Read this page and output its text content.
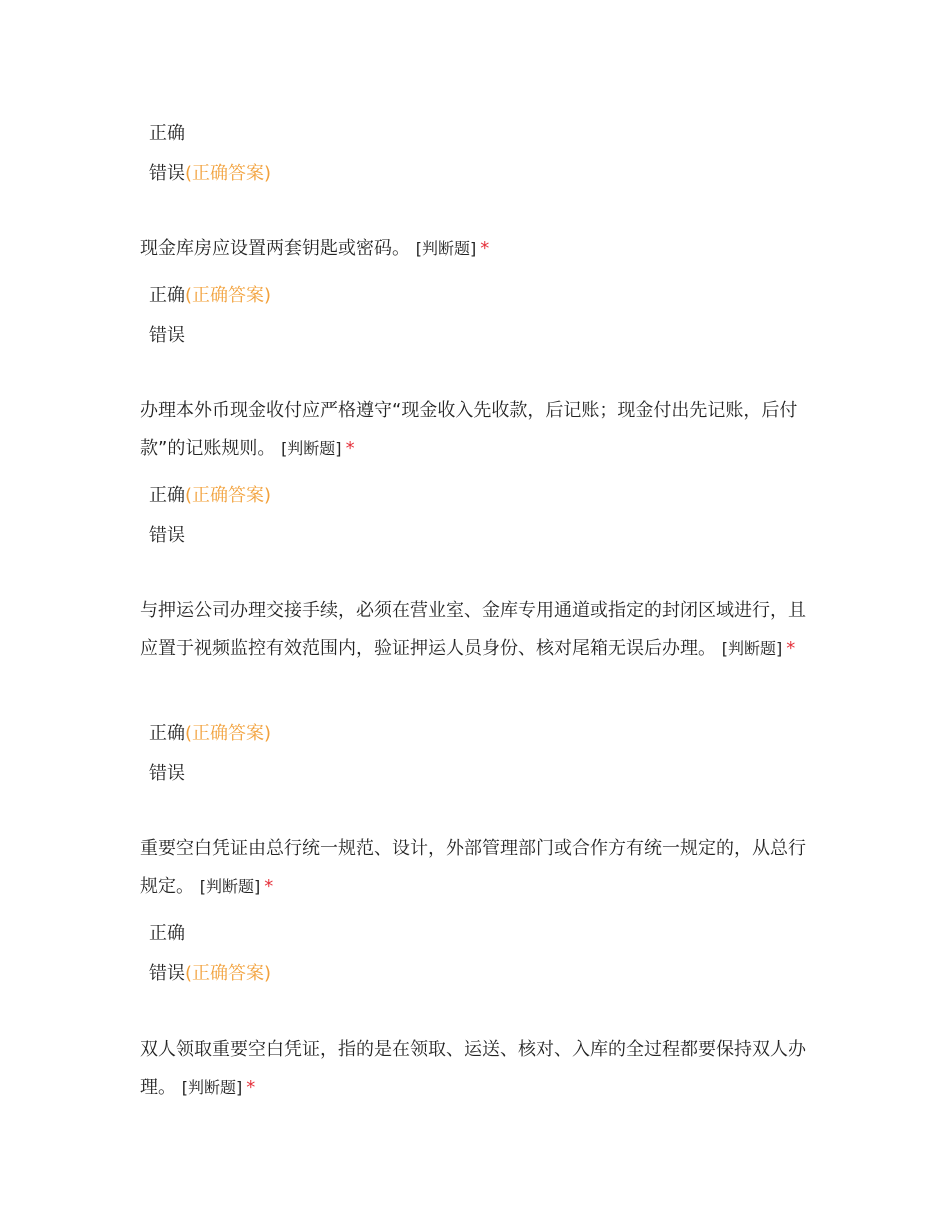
正确
错误(正确答案)
现金库房应设置两套钥匙或密码。 [判断题] *
正确(正确答案)
错误
办理本外币现金收付应严格遵守“现金收入先收款，后记账；现金付出先记账，后付款”的记账规则。 [判断题] *
正确(正确答案)
错误
与押运公司办理交接手续，必须在营业室、金库专用通道或指定的封闭区域进行，且应置于视频监控有效范围内，验证押运人员身份、核对尾箱无误后办理。 [判断题] *
正确(正确答案)
错误
重要空白凭证由总行统一规范、设计，外部管理部门或合作方有统一规定的，从总行规定。 [判断题] *
正确
错误(正确答案)
双人领取重要空白凭证，指的是在领取、运送、核对、入库的全过程都要保持双人办理。 [判断题] *
